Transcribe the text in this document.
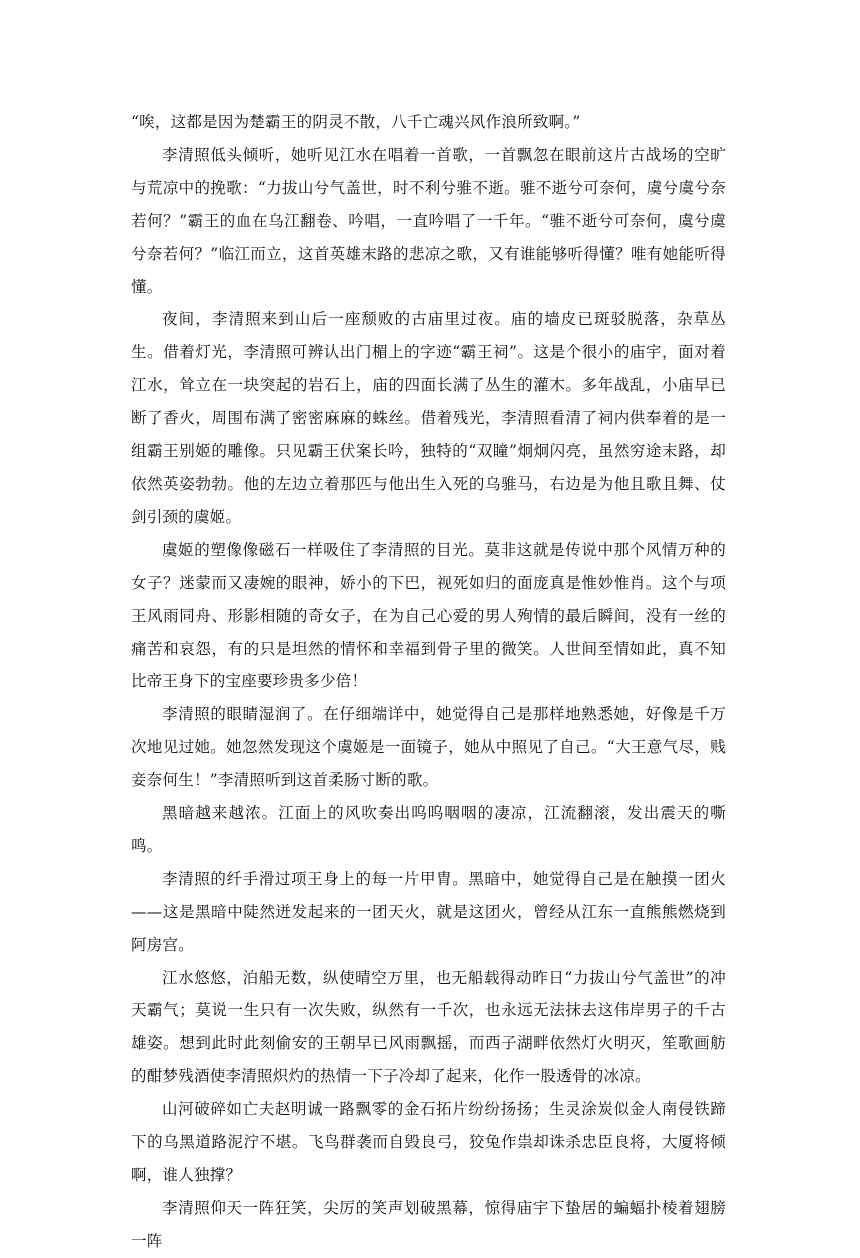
“唉，这都是因为楚霸王的阴灵不散，八千亡魂兴风作浪所致啊。”

李清照低头倾听，她听见江水在唱着一首歌，一首飘忽在眼前这片古战场的空旷与荒凉中的挽歌：“力拔山兮气盖世，时不利兮骓不逝。骓不逝兮可奈何，虞兮虞兮奈若何？”霸王的血在乌江翻卷、吟唱，一直吟唱了一千年。“骓不逝兮可奈何，虞兮虞兮奈若何？”临江而立，这首英雄末路的悲凉之歌，又有谁能够听得懂？唯有她能听得懂。

夜间，李清照来到山后一座颓败的古庙里过夜。庙的墙皮已斑驳脱落，杂草丛生。借着灯光，李清照可辨认出门楣上的字迹“霸王祠”。这是个很小的庙宇，面对着江水，耸立在一块突起的岩石上，庙的四面长满了丛生的灌木。多年战乱，小庙早已断了香火，周围布满了密密麻麻的蛛丝。借着残光，李清照看清了祠内供奉着的是一组霸王别姬的雕像。只见霸王伏案长吟，独特的“双瞳”炯炯闪亮，虽然穷途末路，却依然英姿勃勃。他的左边立着那匹与他出生入死的乌骓马，右边是为他且歌且舞、仗剑引颈的虞姬。

虞姬的塑像像磁石一样吸住了李清照的目光。莫非这就是传说中那个风情万种的女子？迷蒙而又凄婉的眼神，娇小的下巴，视死如归的面庞真是惟妙惟肖。这个与项王风雨同舟、形影相随的奇女子，在为自己心爱的男人殉情的最后瞬间，没有一丝的痛苦和哀怨，有的只是坦然的情怀和幸福到骨子里的微笑。人世间至情如此，真不知比帝王身下的宝座要珍贵多少倍！

李清照的眼睛湿润了。在仔细端详中，她觉得自己是那样地熟悉她，好像是千万次地见过她。她忽然发现这个虞姬是一面镜子，她从中照见了自己。“大王意气尽，贱妾奈何生！”李清照听到这首柔肠寸断的歌。

黑暗越来越浓。江面上的风吹奏出呜呜咽咽的凄凉，江流翻滚，发出震天的嘶鸣。

李清照的纤手滑过项王身上的每一片甲胄。黑暗中，她觉得自己是在触摸一团火——这是黑暗中陡然迸发起来的一团天火，就是这团火，曾经从江东一直熊熊燃烧到阿房宫。

江水悠悠，泊船无数，纵使晴空万里，也无船载得动昨日“力拔山兮气盖世”的冲天霸气；莫说一生只有一次失败，纵然有一千次，也永远无法抹去这伟岸男子的千古雄姿。想到此时此刻偷安的王朝早已风雨飘摇，而西子湖畔依然灯火明灭，笙歌画舫的酣梦残酒使李清照炽灼的热情一下子冷却了起来，化作一股透骨的冰凉。

山河破碎如亡夫赵明诚一路飘零的金石拓片纷纷扬扬；生灵涂炭似金人南侵铁蹄下的乌黑道路泥泞不堪。飞鸟群袭而自毁良弓，狡兔作祟却诛杀忠臣良将，大厦将倾啊，谁人独撑？

李清照仰天一阵狂笑，尖厉的笑声划破黑幕，惊得庙宇下蛰居的蝙蝠扑棱着翅膀一阵
